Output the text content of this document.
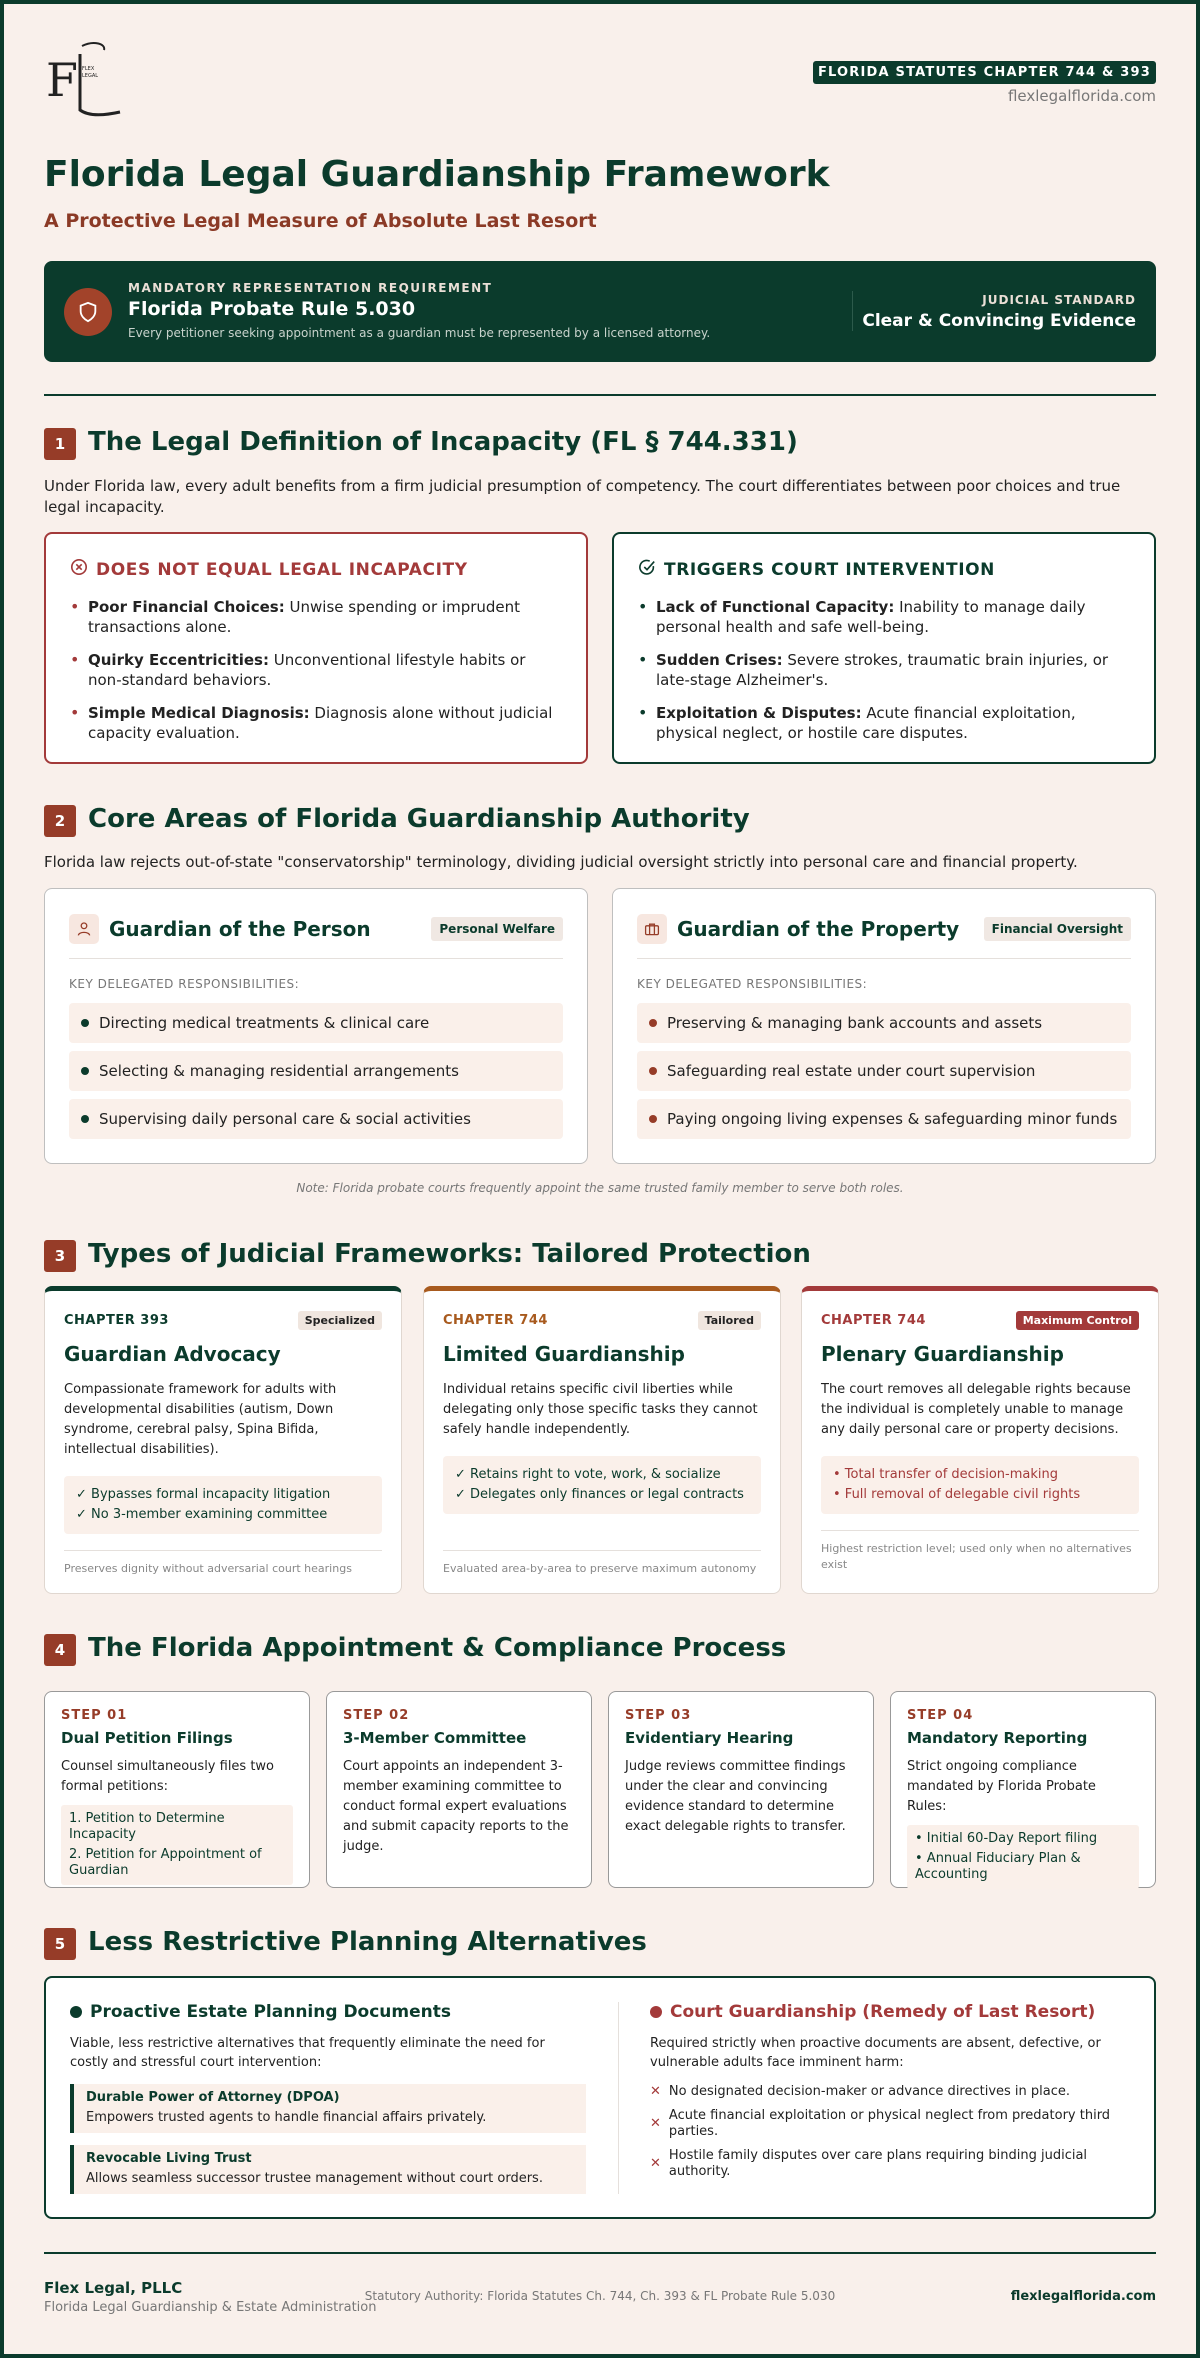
F FLEX
LEGAL	FLORIDA STATUTES CHAPTER 744 & 393
flexlegalflorida.com
Florida Legal Guardianship Framework
A Protective Legal Measure of Absolute Last Resort
MANDATORY REPRESENTATION REQUIREMENT
Florida Probate Rule 5.030
Every petitioner seeking appointment as a guardian must be represented by a licensed attorney.
JUDICIAL STANDARD
Clear & Convincing Evidence
1 The Legal Definition of Incapacity (FL § 744.331)
Under Florida law, every adult benefits from a firm judicial presumption of competency. The court differentiates between poor choices and true legal incapacity.
DOES NOT EQUAL LEGAL INCAPACITY
• Poor Financial Choices: Unwise spending or imprudent transactions alone.
• Quirky Eccentricities: Unconventional lifestyle habits or non-standard behaviors.
• Simple Medical Diagnosis: Diagnosis alone without judicial capacity evaluation.
TRIGGERS COURT INTERVENTION
• Lack of Functional Capacity: Inability to manage daily personal health and safe well-being.
• Sudden Crises: Severe strokes, traumatic brain injuries, or late-stage Alzheimer's.
• Exploitation & Disputes: Acute financial exploitation, physical neglect, or hostile care disputes.
2 Core Areas of Florida Guardianship Authority
Florida law rejects out-of-state "conservatorship" terminology, dividing judicial oversight strictly into personal care and financial property.
Guardian of the Person	Personal Welfare
KEY DELEGATED RESPONSIBILITIES:
Directing medical treatments & clinical care
Selecting & managing residential arrangements
Supervising daily personal care & social activities
Guardian of the Property	Financial Oversight
KEY DELEGATED RESPONSIBILITIES:
Preserving & managing bank accounts and assets
Safeguarding real estate under court supervision
Paying ongoing living expenses & safeguarding minor funds
Note: Florida probate courts frequently appoint the same trusted family member to serve both roles.
3 Types of Judicial Frameworks: Tailored Protection
CHAPTER 393	Specialized
Guardian Advocacy
Compassionate framework for adults with developmental disabilities (autism, Down syndrome, cerebral palsy, Spina Bifida, intellectual disabilities).
✓ Bypasses formal incapacity litigation
✓ No 3-member examining committee
Preserves dignity without adversarial court hearings
CHAPTER 744	Tailored
Limited Guardianship
Individual retains specific civil liberties while delegating only those specific tasks they cannot safely handle independently.
✓ Retains right to vote, work, & socialize
✓ Delegates only finances or legal contracts
Evaluated area-by-area to preserve maximum autonomy
CHAPTER 744	Maximum Control
Plenary Guardianship
The court removes all delegable rights because the individual is completely unable to manage any daily personal care or property decisions.
• Total transfer of decision-making
• Full removal of delegable civil rights
Highest restriction level; used only when no alternatives exist
4 The Florida Appointment & Compliance Process
STEP 01
Dual Petition Filings
Counsel simultaneously files two formal petitions:
1. Petition to Determine Incapacity
2. Petition for Appointment of Guardian
STEP 02
3-Member Committee
Court appoints an independent 3-member examining committee to conduct formal expert evaluations and submit capacity reports to the judge.
STEP 03
Evidentiary Hearing
Judge reviews committee findings under the clear and convincing evidence standard to determine exact delegable rights to transfer.
STEP 04
Mandatory Reporting
Strict ongoing compliance mandated by Florida Probate Rules:
• Initial 60-Day Report filing
• Annual Fiduciary Plan & Accounting
5 Less Restrictive Planning Alternatives
Proactive Estate Planning Documents
Viable, less restrictive alternatives that frequently eliminate the need for costly and stressful court intervention:
Durable Power of Attorney (DPOA)
Empowers trusted agents to handle financial affairs privately.
Revocable Living Trust
Allows seamless successor trustee management without court orders.
Court Guardianship (Remedy of Last Resort)
Required strictly when proactive documents are absent, defective, or vulnerable adults face imminent harm:
✕ No designated decision-maker or advance directives in place.
✕
Acute financial exploitation or physical neglect from predatory third parties.
✕
Hostile family disputes over care plans requiring binding judicial authority.
Flex Legal, PLLC
Florida Legal Guardianship & Estate Administration
Statutory Authority: Florida Statutes Ch. 744, Ch. 393 & FL Probate Rule 5.030	flexlegalflorida.com
